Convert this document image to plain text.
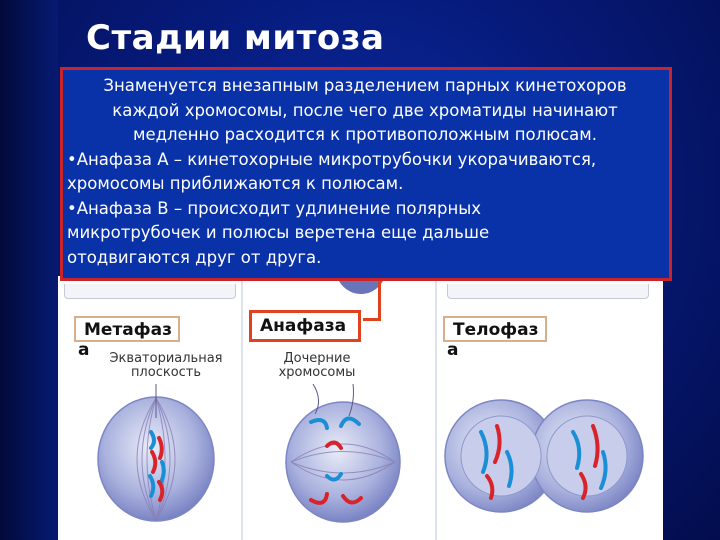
Стадии митоза
Метафаз
а	Экваториальная
плоскость
Анафаза
Дочерние
хромосомы
Телофаз
а
Знаменуется внезапным разделением парных кинетохоров
каждой хромосомы, после чего две хроматиды начинают
медленно расходится к противоположным полюсам.
•Анафаза А – кинетохорные микротрубочки укорачиваются,
хромосомы приближаются к полюсам.
•Анафаза В – происходит удлинение полярных
микротрубочек и полюсы веретена еще дальше
отодвигаются друг от друга.
